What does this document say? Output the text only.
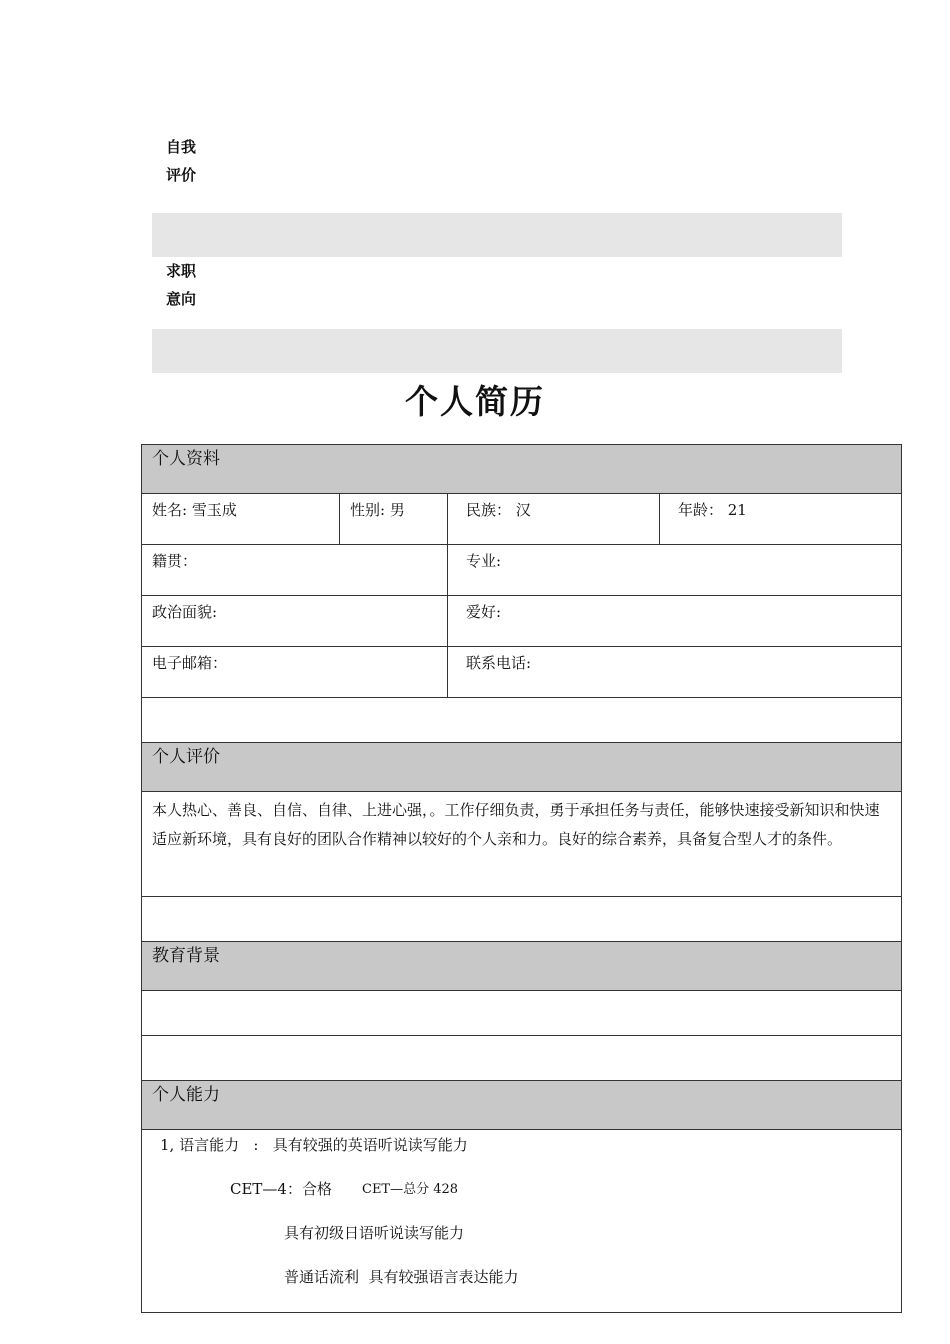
自我
评价
求职
意向
个人简历
个人资料			
姓名: 雪玉成	性别: 男	民族： 汉	年龄： 21
籍贯：		专业:	
政治面貌:		爱好:	
电子邮箱：		联系电话:	

个人评价			
本人热心、善良、自信、自律、上进心强，。工作仔细负责，勇于承担任务与责任，能够快速接受新知识和快速适应新环境，具有良好的团队合作精神以较好的个人亲和力。良好的综合素养，具备复合型人才的条件。			

教育背景			

个人能力			

1, 语言能力   :   具有较强的英语听说读写能力
CET—4：合格 CET—总分 428
具有初级日语听说读写能力
普通话流利  具有较强语言表达能力			
